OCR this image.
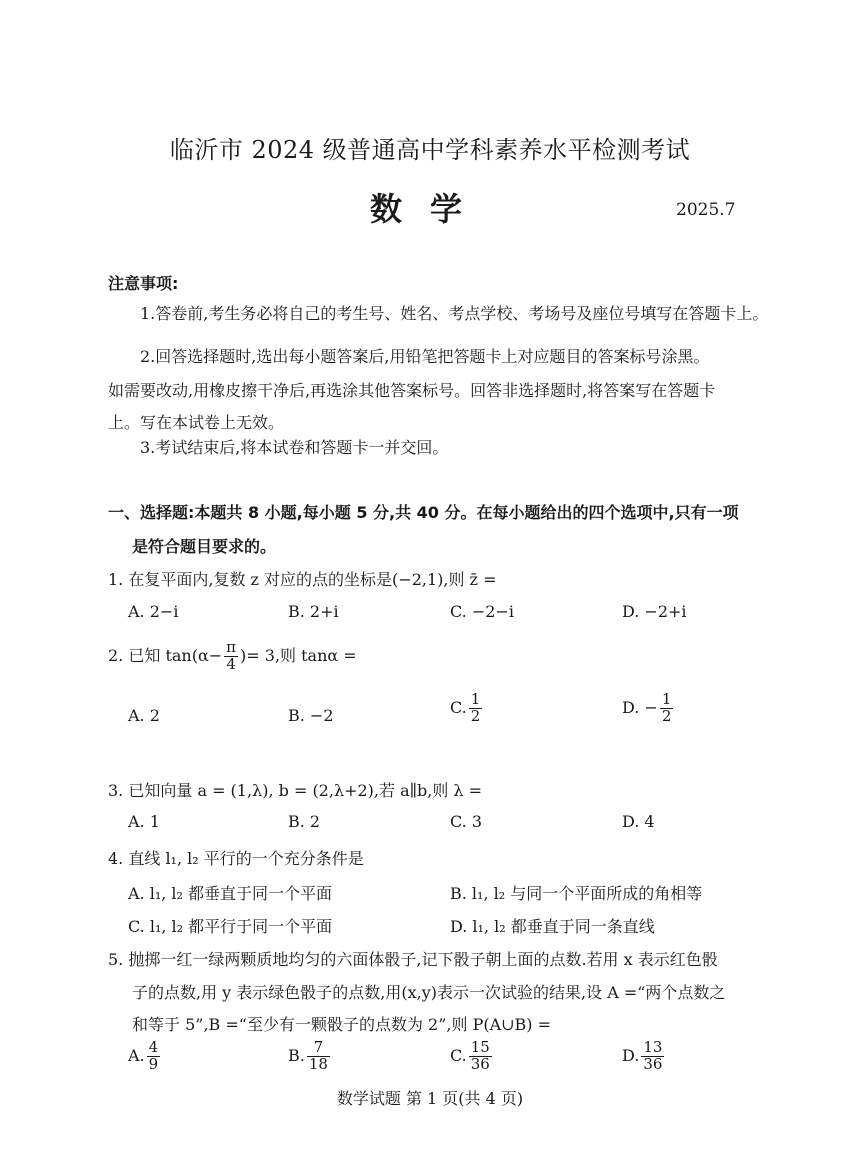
临沂市 2024 级普通高中学科素养水平检测考试
数学	2025.7
注意事项:
1.答卷前,考生务必将自己的考生号、姓名、考点学校、考场号及座位号填写在答题卡上。
2.回答选择题时,选出每小题答案后,用铅笔把答题卡上对应题目的答案标号涂黑。
如需要改动,用橡皮擦干净后,再选涂其他答案标号。回答非选择题时,将答案写在答题卡
上。写在本试卷上无效。
3.考试结束后,将本试卷和答题卡一并交回。
一、选择题:本题共 8 小题,每小题 5 分,共 40 分。在每小题给出的四个选项中,只有一项
是符合题目要求的。
1. 在复平面内,复数 z 对应的点的坐标是(−2,1),则 z̄ =
A. 2−i	B. 2+i	C. −2−i	D. −2+i
2. 已知 $\tan(\alpha- \frac{\pi}{4}$ )= 3,则 tanα =
A. 2	B. −2	C. $\frac{1}{2}$	D. − $\frac{1}{2}$
3. 已知向量 a = (1,λ), b = (2,λ+2),若 a∥b,则 λ =
A. 1	B. 2	C. 3	D. 4
4. 直线 l₁, l₂ 平行的一个充分条件是
A. l₁, l₂ 都垂直于同一个平面	B. l₁, l₂ 与同一个平面所成的角相等
C. l₁, l₂ 都平行于同一个平面	D. l₁, l₂ 都垂直于同一条直线
5. 抛掷一红一绿两颗质地均匀的六面体骰子,记下骰子朝上面的点数.若用 x 表示红色骰
子的点数,用 y 表示绿色骰子的点数,用(x,y)表示一次试验的结果,设 A =“两个点数之
和等于 5”,B =“至少有一颗骰子的点数为 2”,则 P(A∪B) =
A. $\frac{4}{9}$	B. $\frac{7}{18}$	C. $\frac{15}{36}$	D. $\frac{13}{36}$
数学试题 第 1 页(共 4 页)
